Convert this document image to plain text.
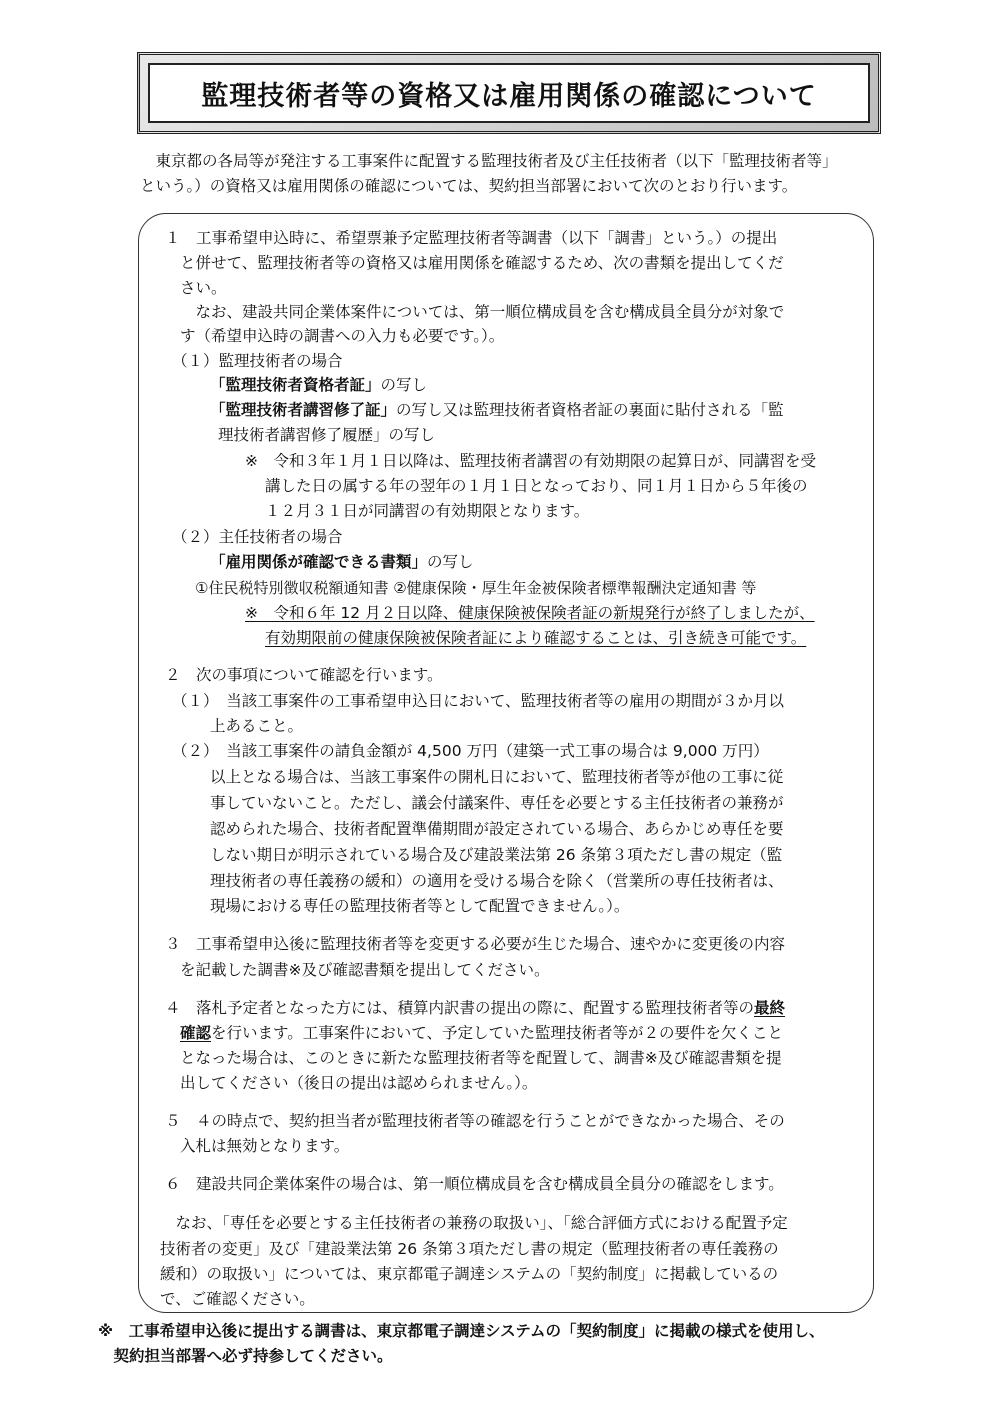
監理技術者等の資格又は雇用関係の確認について
　東京都の各局等が発注する工事案件に配置する監理技術者及び主任技術者（以下「監理技術者等」
という。）の資格又は雇用関係の確認については、契約担当部署において次のとおり行います。
１　工事希望申込時に、希望票兼予定監理技術者等調書（以下「調書」という。）の提出
と併せて、監理技術者等の資格又は雇用関係を確認するため、次の書類を提出してくだ
さい。
　なお、建設共同企業体案件については、第一順位構成員を含む構成員全員分が対象で
す（希望申込時の調書への入力も必要です。）。
（１）監理技術者の場合
「監理技術者資格者証」の写し
「監理技術者講習修了証」の写し又は監理技術者資格者証の裏面に貼付される「監
理技術者講習修了履歴」の写し
※　令和３年１月１日以降は、監理技術者講習の有効期限の起算日が、同講習を受
講した日の属する年の翌年の１月１日となっており、同１月１日から５年後の
１２月３１日が同講習の有効期限となります。
（２）主任技術者の場合
「雇用関係が確認できる書類」の写し
①住民税特別徴収税額通知書 ②健康保険・厚生年金被保険者標準報酬決定通知書 等
※　令和６年 12 月２日以降、健康保険被保険者証の新規発行が終了しましたが、
有効期限前の健康保険被保険者証により確認することは、引き続き可能です。
２　次の事項について確認を行います。
（１）　当該工事案件の工事希望申込日において、監理技術者等の雇用の期間が３か月以
上あること。
（２）　当該工事案件の請負金額が 4,500 万円（建築一式工事の場合は 9,000 万円）
以上となる場合は、当該工事案件の開札日において、監理技術者等が他の工事に従
事していないこと。ただし、議会付議案件、専任を必要とする主任技術者の兼務が
認められた場合、技術者配置準備期間が設定されている場合、あらかじめ専任を要
しない期日が明示されている場合及び建設業法第 26 条第３項ただし書の規定（監
理技術者の専任義務の緩和）の適用を受ける場合を除く（営業所の専任技術者は、
現場における専任の監理技術者等として配置できません。）。
３　工事希望申込後に監理技術者等を変更する必要が生じた場合、速やかに変更後の内容
を記載した調書※及び確認書類を提出してください。
４　落札予定者となった方には、積算内訳書の提出の際に、配置する監理技術者等の最終
確認を行います。工事案件において、予定していた監理技術者等が２の要件を欠くこと
となった場合は、このときに新たな監理技術者等を配置して、調書※及び確認書類を提
出してください（後日の提出は認められません。）。
５　４の時点で、契約担当者が監理技術者等の確認を行うことができなかった場合、その
入札は無効となります。
６　建設共同企業体案件の場合は、第一順位構成員を含む構成員全員分の確認をします。
　なお、「専任を必要とする主任技術者の兼務の取扱い」、「総合評価方式における配置予定
技術者の変更」及び「建設業法第 26 条第３項ただし書の規定（監理技術者の専任義務の
緩和）の取扱い」については、東京都電子調達システムの「契約制度」に掲載しているの
で、ご確認ください。
※　工事希望申込後に提出する調書は、東京都電子調達システムの「契約制度」に掲載の様式を使用し、
　契約担当部署へ必ず持参してください。
